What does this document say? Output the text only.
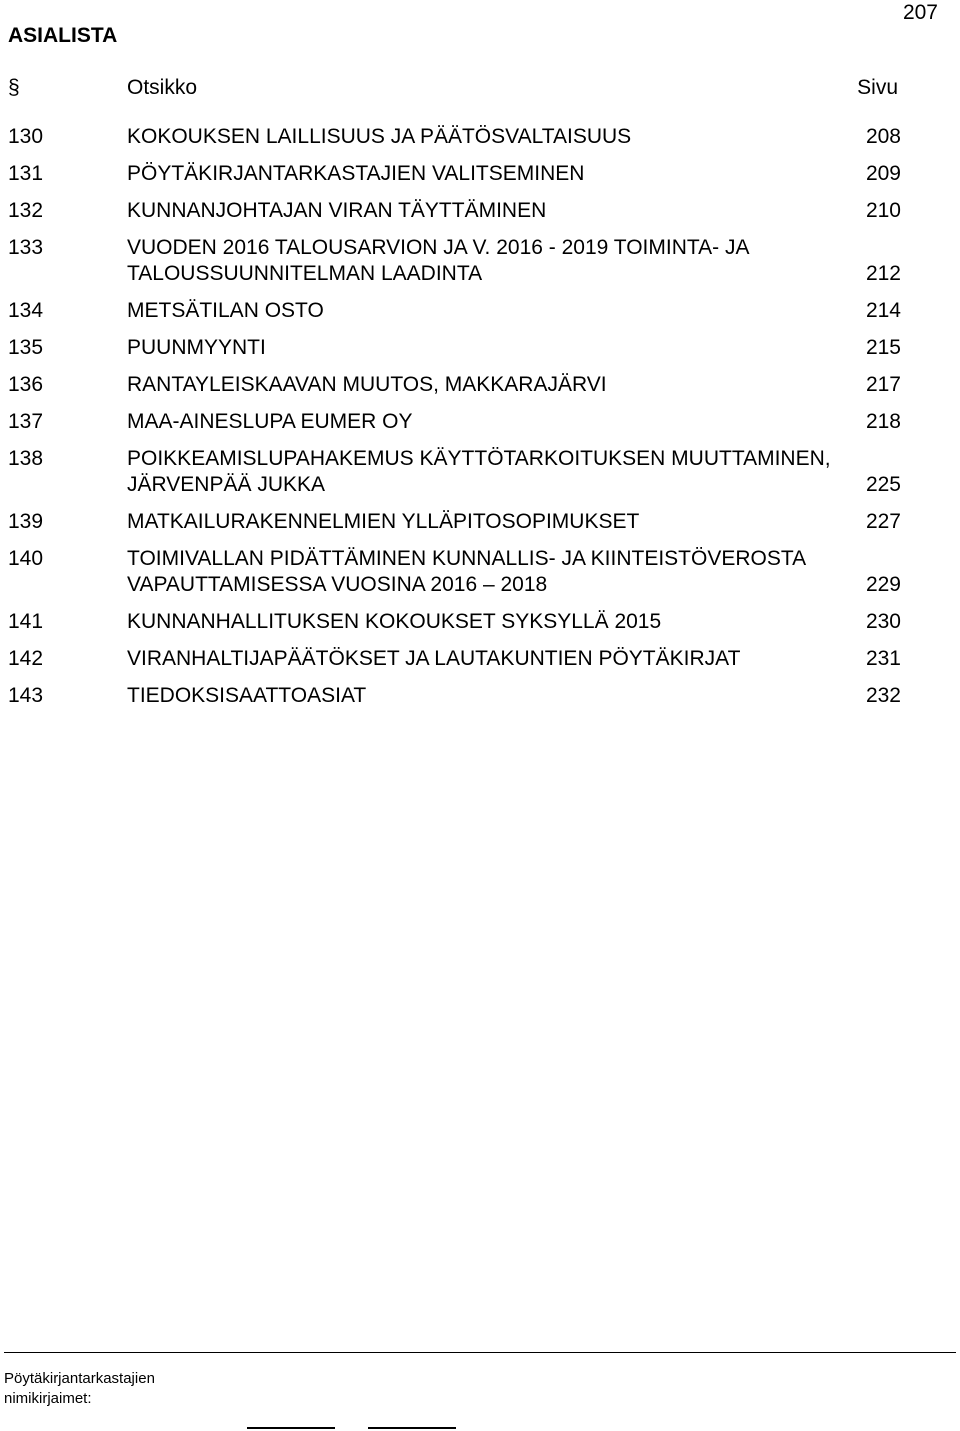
207
ASIALISTA
§	Otsikko	Sivu
130	KOKOUKSEN LAILLISUUS JA PÄÄTÖSVALTAISUUS	208
131	PÖYTÄKIRJANTARKASTAJIEN VALITSEMINEN	209
132	KUNNANJOHTAJAN VIRAN TÄYTTÄMINEN	210
133	VUODEN 2016 TALOUSARVION JA V. 2016 - 2019 TOIMINTA- JA
TALOUSSUUNNITELMAN LAADINTA	212
134	METSÄTILAN OSTO	214
135	PUUNMYYNTI	215
136	RANTAYLEISKAAVAN MUUTOS, MAKKARAJÄRVI	217
137	MAA-AINESLUPA EUMER OY	218
138	POIKKEAMISLUPAHAKEMUS KÄYTTÖTARKOITUKSEN MUUTTAMINEN,
JÄRVENPÄÄ JUKKA	225
139	MATKAILURAKENNELMIEN YLLÄPITOSOPIMUKSET	227
140	TOIMIVALLAN PIDÄTTÄMINEN KUNNALLIS- JA KIINTEISTÖVEROSTA
VAPAUTTAMISESSA VUOSINA 2016 – 2018	229
141	KUNNANHALLITUKSEN KOKOUKSET SYKSYLLÄ 2015	230
142	VIRANHALTIJAPÄÄTÖKSET JA LAUTAKUNTIEN PÖYTÄKIRJAT	231
143	TIEDOKSISAATTOASIAT	232
Pöytäkirjantarkastajien
nimikirjaimet:
